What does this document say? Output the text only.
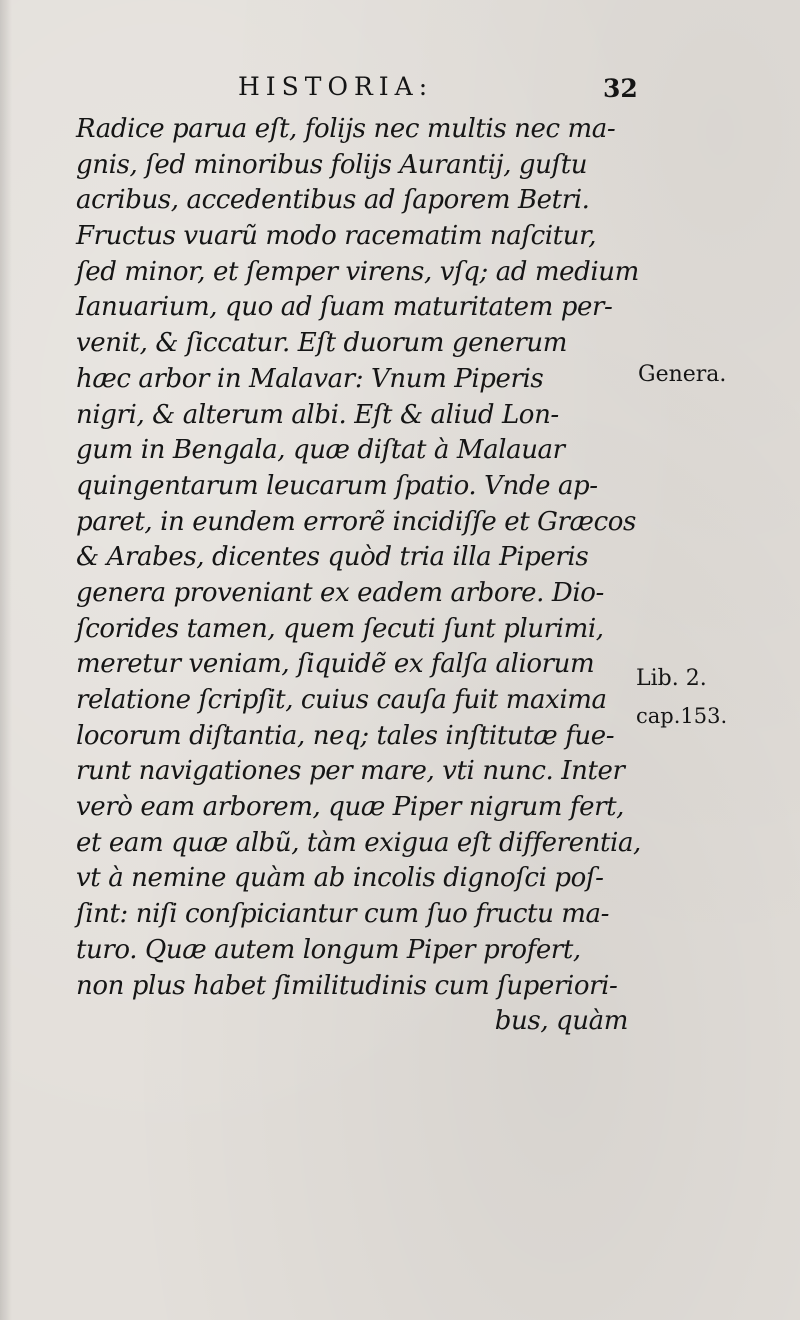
HISTORIA:	32
Radice parua eſt, folijs nec multis nec ma-
gnis, ſed minoribus folijs Aurantij, guſtu
acribus, accedentibus ad ſaporem Betri.
Fructus vuarũ modo racematim naſcitur,
ſed minor, et ſemper virens, vſq; ad medium
Ianuarium, quo ad ſuam maturitatem per-
venit, & ſiccatur. Eſt duorum generum
hæc arbor in Malavar: Vnum Piperis
nigri, & alterum albi. Eſt & aliud Lon-
gum in Bengala, quæ diſtat à Malauar
quingentarum leucarum ſpatio. Vnde ap-
paret, in eundem errorẽ incidiſſe et Græcos
& Arabes, dicentes quòd tria illa Piperis
genera proveniant ex eadem arbore. Dio-
ſcorides tamen, quem ſecuti ſunt plurimi,
meretur veniam, ſiquidẽ ex falſa aliorum
relatione ſcripſit, cuius cauſa fuit maxima
locorum diſtantia, neq; tales inſtitutæ fue-
runt navigationes per mare, vti nunc. Inter
verò eam arborem, quæ Piper nigrum fert,
et eam quæ albũ, tàm exigua eſt differentia,
vt à nemine quàm ab incolis dignoſci poſ-
ſint: niſi conſpiciantur cum ſuo fructu ma-
turo. Quæ autem longum Piper profert,
non plus habet ſimilitudinis cum ſuperiori-
bus, quàm
Genera.
Lib. 2.
cap.153.
